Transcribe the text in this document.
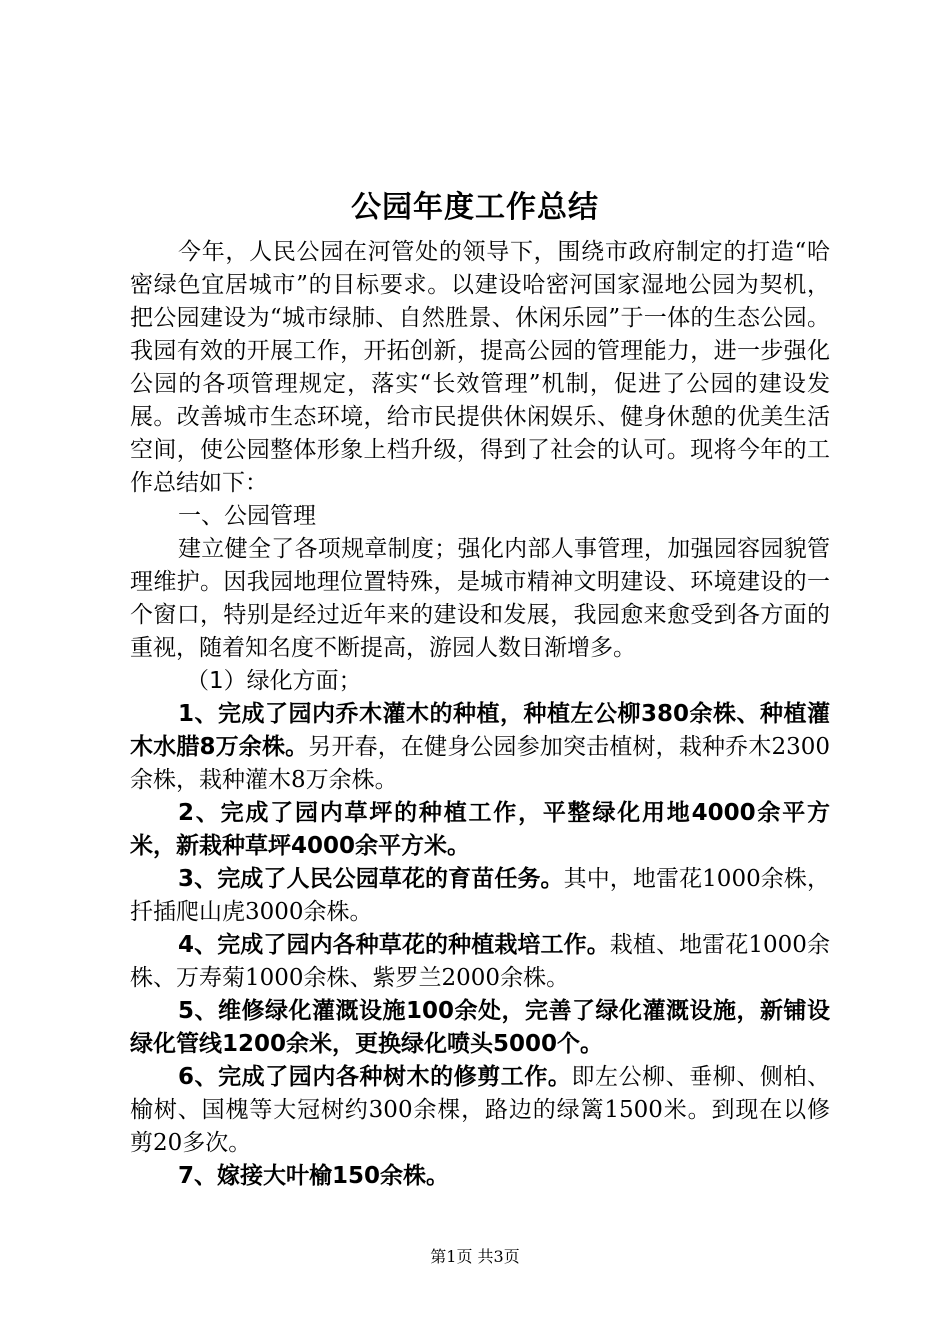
公园年度工作总结

今年，人民公园在河管处的领导下，围绕市政府制定的打造“哈密绿色宜居城市”的目标要求。以建设哈密河国家湿地公园为契机，把公园建设为“城市绿肺、自然胜景、休闲乐园”于一体的生态公园。我园有效的开展工作，开拓创新，提高公园的管理能力，进一步强化公园的各项管理规定，落实“长效管理”机制，促进了公园的建设发展。改善城市生态环境，给市民提供休闲娱乐、健身休憩的优美生活空间，使公园整体形象上档升级，得到了社会的认可。现将今年的工作总结如下：

一、公园管理

建立健全了各项规章制度；强化内部人事管理，加强园容园貌管理维护。因我园地理位置特殊，是城市精神文明建设、环境建设的一个窗口，特别是经过近年来的建设和发展，我园愈来愈受到各方面的重视，随着知名度不断提高，游园人数日渐增多。

（1）绿化方面；

1、完成了园内乔木灌木的种植，种植左公柳380余株、种植灌木水腊8万余株。另开春，在健身公园参加突击植树，栽种乔木2300余株，栽种灌木8万余株。

2、完成了园内草坪的种植工作，平整绿化用地4000余平方米，新栽种草坪4000余平方米。

3、完成了人民公园草花的育苗任务。其中，地雷花1000余株，扦插爬山虎3000余株。

4、完成了园内各种草花的种植栽培工作。栽植、地雷花1000余株、万寿菊1000余株、紫罗兰2000余株。

5、维修绿化灌溉设施100余处，完善了绿化灌溉设施，新铺设绿化管线1200余米，更换绿化喷头5000个。

6、完成了园内各种树木的修剪工作。即左公柳、垂柳、侧柏、榆树、国槐等大冠树约300余棵，路边的绿篱1500米。到现在以修剪20多次。

7、嫁接大叶榆150余株。

第1页 共3页
